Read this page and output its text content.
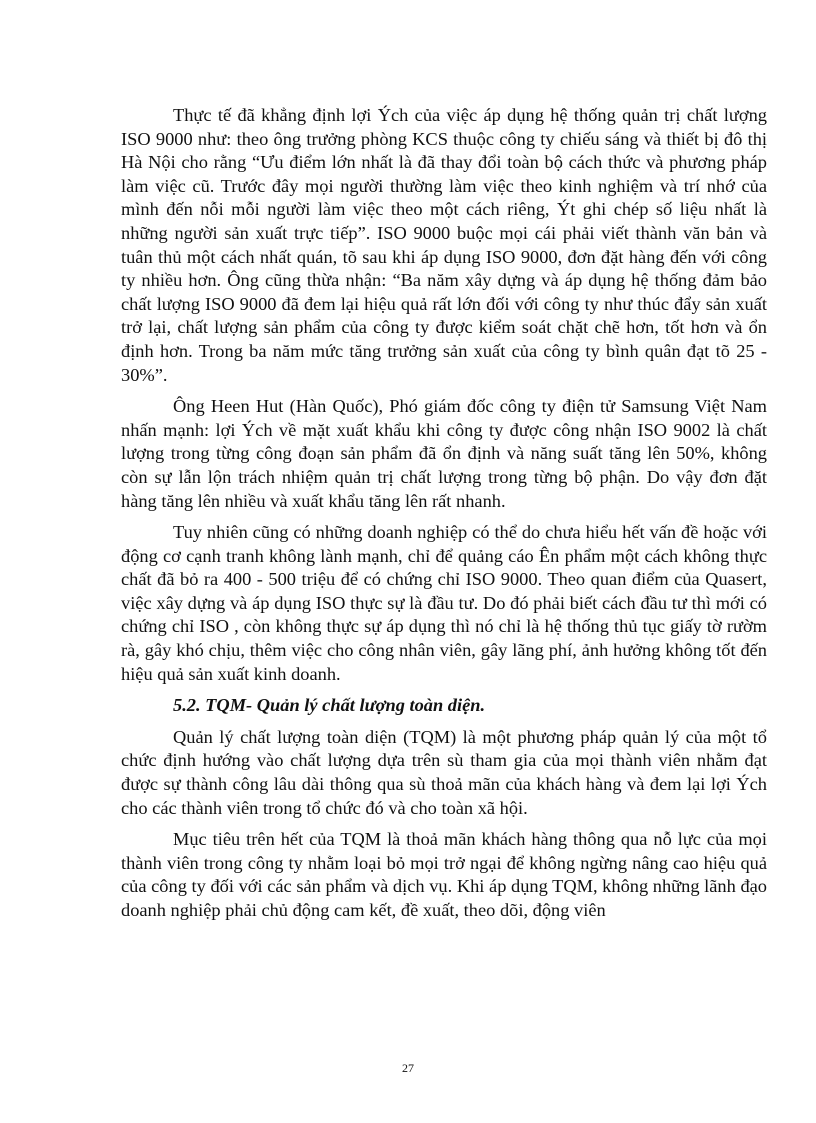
Thực tế đã khẳng định lợi Ých của việc áp dụng hệ thống quản trị chất lượng ISO 9000 như: theo ông trưởng phòng KCS thuộc công ty chiếu sáng và thiết bị đô thị Hà Nội cho rằng “Ưu điểm lớn nhất là đã thay đổi toàn bộ cách thức và phương pháp làm việc cũ. Trước đây mọi người thường làm việc theo kinh nghiệm và trí nhớ của mình đến nỗi mỗi người làm việc theo một cách riêng, Ýt ghi chép số liệu nhất là những người sản xuất trực tiếp”. ISO 9000 buộc mọi cái phải viết thành văn bản và tuân thủ một cách nhất quán, tõ sau khi áp dụng ISO 9000, đơn đặt hàng đến với công ty nhiều hơn. Ông cũng thừa nhận: “Ba năm xây dựng và áp dụng hệ thống đảm bảo chất lượng ISO 9000 đã đem lại hiệu quả rất lớn đối với công ty như thúc đẩy sản xuất trở lại, chất lượng sản phẩm của công ty được kiểm soát chặt chẽ hơn, tốt hơn và ổn định hơn. Trong ba năm mức tăng trưởng sản xuất của công ty bình quân đạt tõ 25 - 30%”.

Ông Heen Hut (Hàn Quốc), Phó giám đốc công ty điện tử Samsung Việt Nam nhấn mạnh: lợi Ých về mặt xuất khẩu khi công ty được công nhận ISO 9002 là chất lượng trong từng công đoạn sản phẩm đã ổn định và năng suất tăng lên 50%, không còn sự lẫn lộn trách nhiệm quản trị chất lượng trong từng bộ phận. Do vậy đơn đặt hàng tăng lên nhiều và xuất khẩu tăng lên rất nhanh.

Tuy nhiên cũng có những doanh nghiệp có thể do chưa hiểu hết vấn đề hoặc với động cơ cạnh tranh không lành mạnh, chỉ để quảng cáo Ên phẩm một cách không thực chất đã bỏ ra 400 - 500 triệu để có chứng chỉ ISO 9000. Theo quan điểm của Quasert, việc xây dựng và áp dụng ISO thực sự là đầu tư. Do đó phải biết cách đầu tư thì mới có chứng chỉ ISO , còn không thực sự áp dụng thì nó chỉ là hệ thống thủ tục giấy tờ rườm rà, gây khó chịu, thêm việc cho công nhân viên, gây lãng phí, ảnh hưởng không tốt đến hiệu quả sản xuất kinh doanh.

5.2. TQM- Quản lý chất lượng toàn diện.

Quản lý chất lượng toàn diện (TQM) là một phương pháp quản lý của một tổ chức định hướng vào chất lượng dựa trên sù tham gia của mọi thành viên nhằm đạt được sự thành công lâu dài thông qua sù thoả mãn của khách hàng và đem lại lợi Ých cho các thành viên trong tổ chức đó và cho toàn xã hội.

Mục tiêu trên hết của TQM là thoả mãn khách hàng thông qua nỗ lực của mọi thành viên trong công ty nhằm loại bỏ mọi trở ngại để không ngừng nâng cao hiệu quả của công ty đối với các sản phẩm và dịch vụ. Khi áp dụng TQM, không những lãnh đạo doanh nghiệp phải chủ động cam kết, đề xuất, theo dõi, động viên

27
